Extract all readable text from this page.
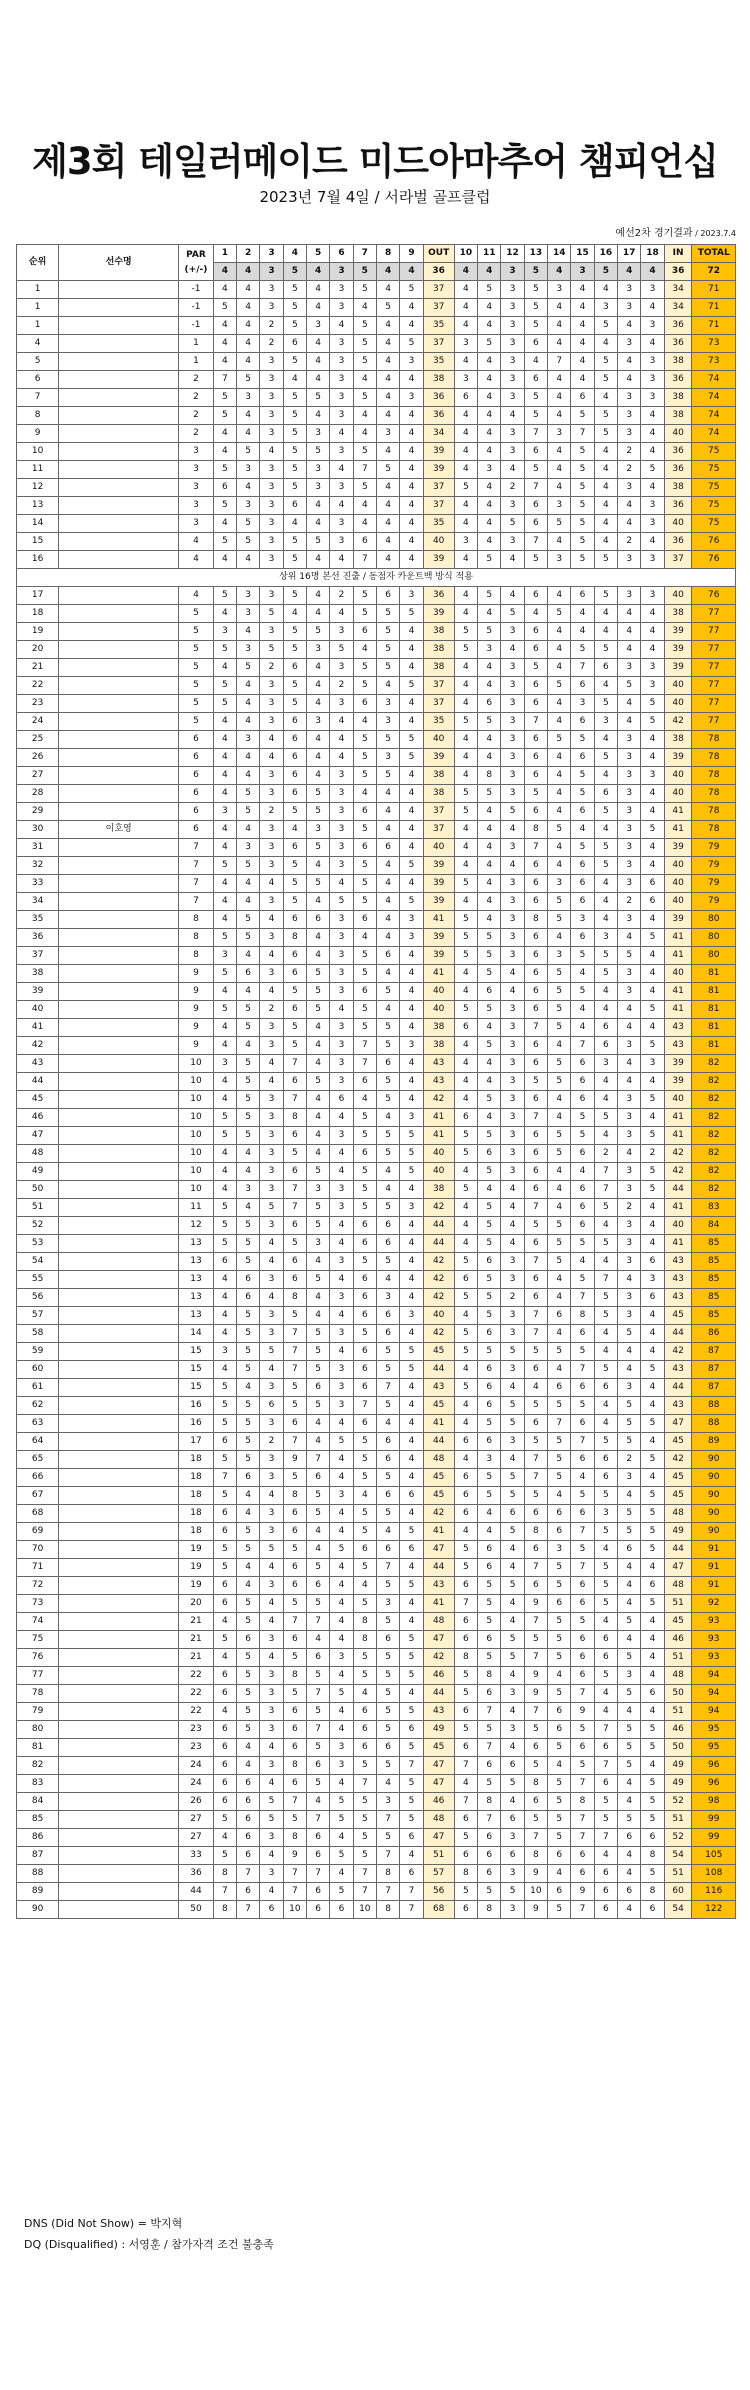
제3회 테일러메이드 미드아마추어 챔피언십
2023년 7월 4일 / 서라벌 골프클럽
예선2차 경기결과 / 2023.7.4
순위	선수명	PAR
(+/-)	1	2	3	4	5	6	7	8	9	OUT	10	11	12	13	14	15	16	17	18	IN	TOTAL
			4	4	3	5	4	3	5	4	4	36	4	4	3	5	4	3	5	4	4	36	72
1		-1	4	4	3	5	4	3	5	4	5	37	4	5	3	5	3	4	4	3	3	34	71
1		-1	5	4	3	5	4	3	4	5	4	37	4	4	3	5	4	4	3	3	4	34	71
1		-1	4	4	2	5	3	4	5	4	4	35	4	4	3	5	4	4	5	4	3	36	71
4		1	4	4	2	6	4	3	5	4	5	37	3	5	3	6	4	4	4	3	4	36	73
5		1	4	4	3	5	4	3	5	4	3	35	4	4	3	4	7	4	5	4	3	38	73
6		2	7	5	3	4	4	3	4	4	4	38	3	4	3	6	4	4	5	4	3	36	74
7		2	5	3	3	5	5	3	5	4	3	36	6	4	3	5	4	6	4	3	3	38	74
8		2	5	4	3	5	4	3	4	4	4	36	4	4	4	5	4	5	5	3	4	38	74
9		2	4	4	3	5	3	4	4	3	4	34	4	4	3	7	3	7	5	3	4	40	74
10		3	4	5	4	5	5	3	5	4	4	39	4	4	3	6	4	5	4	2	4	36	75
11		3	5	3	3	5	3	4	7	5	4	39	4	3	4	5	4	5	4	2	5	36	75
12		3	6	4	3	5	3	3	5	4	4	37	5	4	2	7	4	5	4	3	4	38	75
13		3	5	3	3	6	4	4	4	4	4	37	4	4	3	6	3	5	4	4	3	36	75
14		3	4	5	3	4	4	3	4	4	4	35	4	4	5	6	5	5	4	4	3	40	75
15		4	5	5	3	5	5	3	6	4	4	40	3	4	3	7	4	5	4	2	4	36	76
16		4	4	4	3	5	4	4	7	4	4	39	4	5	4	5	3	5	5	3	3	37	76
상위 16명 본선 진출 / 동점자 카운트백 방식 적용																							
17		4	5	3	3	5	4	2	5	6	3	36	4	5	4	6	4	6	5	3	3	40	76
18		5	4	3	5	4	4	4	5	5	5	39	4	4	5	4	5	4	4	4	4	38	77
19		5	3	4	3	5	5	3	6	5	4	38	5	5	3	6	4	4	4	4	4	39	77
20		5	5	3	5	5	3	5	4	5	4	38	5	3	4	6	4	5	5	4	4	39	77
21		5	4	5	2	6	4	3	5	5	4	38	4	4	3	5	4	7	6	3	3	39	77
22		5	5	4	3	5	4	2	5	4	5	37	4	4	3	6	5	6	4	5	3	40	77
23		5	5	4	3	5	4	3	6	3	4	37	4	6	3	6	4	3	5	4	5	40	77
24		5	4	4	3	6	3	4	4	3	4	35	5	5	3	7	4	6	3	4	5	42	77
25		6	4	3	4	6	4	4	5	5	5	40	4	4	3	6	5	5	4	3	4	38	78
26		6	4	4	4	6	4	4	5	3	5	39	4	4	3	6	4	6	5	3	4	39	78
27		6	4	4	3	6	4	3	5	5	4	38	4	8	3	6	4	5	4	3	3	40	78
28		6	4	5	3	6	5	3	4	4	4	38	5	5	3	5	4	5	6	3	4	40	78
29		6	3	5	2	5	5	3	6	4	4	37	5	4	5	6	4	6	5	3	4	41	78
30	이호영	6	4	4	3	4	3	3	5	4	4	37	4	4	4	8	5	4	4	3	5	41	78
31		7	4	3	3	6	5	3	6	6	4	40	4	4	3	7	4	5	5	3	4	39	79
32		7	5	5	3	5	4	3	5	4	5	39	4	4	4	6	4	6	5	3	4	40	79
33		7	4	4	4	5	5	4	5	4	4	39	5	4	3	6	3	6	4	3	6	40	79
34		7	4	4	3	5	4	5	5	4	5	39	4	4	3	6	5	6	4	2	6	40	79
35		8	4	5	4	6	6	3	6	4	3	41	5	4	3	8	5	3	4	3	4	39	80
36		8	5	5	3	8	4	3	4	4	3	39	5	5	3	6	4	6	3	4	5	41	80
37		8	3	4	4	6	4	3	5	6	4	39	5	5	3	6	3	5	5	5	4	41	80
38		9	5	6	3	6	5	3	5	4	4	41	4	5	4	6	5	4	5	3	4	40	81
39		9	4	4	4	5	5	3	6	5	4	40	4	6	4	6	5	5	4	3	4	41	81
40		9	5	5	2	6	5	4	5	4	4	40	5	5	3	6	5	4	4	4	5	41	81
41		9	4	5	3	5	4	3	5	5	4	38	6	4	3	7	5	4	6	4	4	43	81
42		9	4	4	3	5	4	3	7	5	3	38	4	5	3	6	4	7	6	3	5	43	81
43		10	3	5	4	7	4	3	7	6	4	43	4	4	3	6	5	6	3	4	3	39	82
44		10	4	5	4	6	5	3	6	5	4	43	4	4	3	5	5	6	4	4	4	39	82
45		10	4	5	3	7	4	6	4	5	4	42	4	5	3	6	4	6	4	3	5	40	82
46		10	5	5	3	8	4	4	5	4	3	41	6	4	3	7	4	5	5	3	4	41	82
47		10	5	5	3	6	4	3	5	5	5	41	5	5	3	6	5	5	4	3	5	41	82
48		10	4	4	3	5	4	4	6	5	5	40	5	6	3	6	5	6	2	4	2	42	82
49		10	4	4	3	6	5	4	5	4	5	40	4	5	3	6	4	4	7	3	5	42	82
50		10	4	3	3	7	3	3	5	4	4	38	5	4	4	6	4	6	7	3	5	44	82
51		11	5	4	5	7	5	3	5	5	3	42	4	5	4	7	4	6	5	2	4	41	83
52		12	5	5	3	6	5	4	6	6	4	44	4	5	4	5	5	6	4	3	4	40	84
53		13	5	5	4	5	3	4	6	6	4	44	4	5	4	6	5	5	5	3	4	41	85
54		13	6	5	4	6	4	3	5	5	4	42	5	6	3	7	5	4	4	3	6	43	85
55		13	4	6	3	6	5	4	6	4	4	42	6	5	3	6	4	5	7	4	3	43	85
56		13	4	6	4	8	4	3	6	3	4	42	5	5	2	6	4	7	5	3	6	43	85
57		13	4	5	3	5	4	4	6	6	3	40	4	5	3	7	6	8	5	3	4	45	85
58		14	4	5	3	7	5	3	5	6	4	42	5	6	3	7	4	6	4	5	4	44	86
59		15	3	5	5	7	5	4	6	5	5	45	5	5	5	5	5	5	4	4	4	42	87
60		15	4	5	4	7	5	3	6	5	5	44	4	6	3	6	4	7	5	4	5	43	87
61		15	5	4	3	5	6	3	6	7	4	43	5	6	4	4	6	6	6	3	4	44	87
62		16	5	5	6	5	5	3	7	5	4	45	4	6	5	5	5	5	4	5	4	43	88
63		16	5	5	3	6	4	4	6	4	4	41	4	5	5	6	7	6	4	5	5	47	88
64		17	6	5	2	7	4	5	5	6	4	44	6	6	3	5	5	7	5	5	4	45	89
65		18	5	5	3	9	7	4	5	6	4	48	4	3	4	7	5	6	6	2	5	42	90
66		18	7	6	3	5	6	4	5	5	4	45	6	5	5	7	5	4	6	3	4	45	90
67		18	5	4	4	8	5	3	4	6	6	45	6	5	5	5	4	5	5	4	5	45	90
68		18	6	4	3	6	5	4	5	5	4	42	6	4	6	6	6	6	3	5	5	48	90
69		18	6	5	3	6	4	4	5	4	5	41	4	4	5	8	6	7	5	5	5	49	90
70		19	5	5	5	5	4	5	6	6	6	47	5	6	4	6	3	5	4	6	5	44	91
71		19	5	4	4	6	5	4	5	7	4	44	5	6	4	7	5	7	5	4	4	47	91
72		19	6	4	3	6	6	4	4	5	5	43	6	5	5	6	5	6	5	4	6	48	91
73		20	6	5	4	5	5	4	5	3	4	41	7	5	4	9	6	6	5	4	5	51	92
74		21	4	5	4	7	7	4	8	5	4	48	6	5	4	7	5	5	4	5	4	45	93
75		21	5	6	3	6	4	4	8	6	5	47	6	6	5	5	5	6	6	4	4	46	93
76		21	4	5	4	5	6	3	5	5	5	42	8	5	5	7	5	6	6	5	4	51	93
77		22	6	5	3	8	5	4	5	5	5	46	5	8	4	9	4	6	5	3	4	48	94
78		22	6	5	3	5	7	5	4	5	4	44	5	6	3	9	5	7	4	5	6	50	94
79		22	4	5	3	6	5	4	6	5	5	43	6	7	4	7	6	9	4	4	4	51	94
80		23	6	5	3	6	7	4	6	5	6	49	5	5	3	5	6	5	7	5	5	46	95
81		23	6	4	4	6	5	3	6	6	5	45	6	7	4	6	5	6	6	5	5	50	95
82		24	6	4	3	8	6	3	5	5	7	47	7	6	6	5	4	5	7	5	4	49	96
83		24	6	6	4	6	5	4	7	4	5	47	4	5	5	8	5	7	6	4	5	49	96
84		26	6	6	5	7	4	5	5	3	5	46	7	8	4	6	5	8	5	4	5	52	98
85		27	5	6	5	5	7	5	5	7	5	48	6	7	6	5	5	7	5	5	5	51	99
86		27	4	6	3	8	6	4	5	5	6	47	5	6	3	7	5	7	7	6	6	52	99
87		33	5	6	4	9	6	5	5	7	4	51	6	6	6	8	6	6	4	4	8	54	105
88		36	8	7	3	7	7	4	7	8	6	57	8	6	3	9	4	6	6	4	5	51	108
89		44	7	6	4	7	6	5	7	7	7	56	5	5	5	10	6	9	6	6	8	60	116
90		50	8	7	6	10	6	6	10	8	7	68	6	8	3	9	5	7	6	4	6	54	122
DNS (Did Not Show) = 박지혁
DQ (Disqualified) : 서영훈 / 참가자격 조건 불충족
